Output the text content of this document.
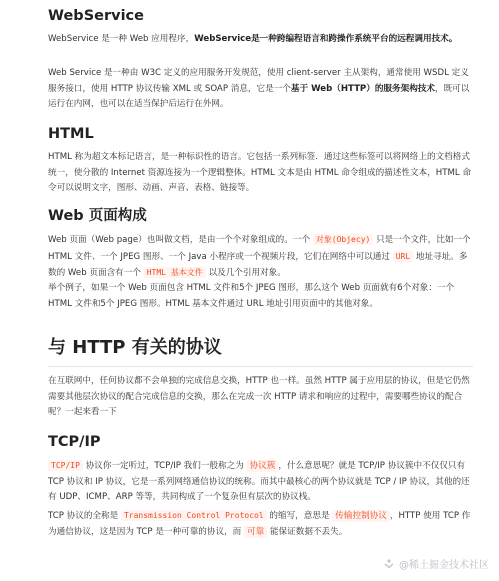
WebService

WebService 是一种 Web 应用程序，WebService是一种跨编程语言和跨操作系统平台的远程调用技术。

Web Service 是一种由 W3C 定义的应用服务开发规范，使用 client-server 主从架构，通常使用 WSDL 定义服务接口，使用 HTTP 协议传输 XML 或 SOAP 消息，它是一个基于 Web（HTTP）的服务架构技术，既可以运行在内网，也可以在适当保护后运行在外网。

HTML

HTML 称为超文本标记语言，是一种标识性的语言。它包括一系列标签．通过这些标签可以将网络上的文档格式统一，使分散的 Internet 资源连接为一个逻辑整体。HTML 文本是由 HTML 命令组成的描述性文本，HTML 命令可以说明文字，图形、动画、声音、表格、链接等。

Web 页面构成

Web 页面（Web page）也叫做文档，是由一个个对象组成的。一个 对象(Objecy) 只是一个文件，比如一个 HTML 文件、一个 JPEG 图形、一个 Java 小程序或一个视频片段，它们在网络中可以通过 URL 地址寻址。多数的 Web 页面含有一个 HTML 基本文件 以及几个引用对象。

举个例子，如果一个 Web 页面包含 HTML 文件和5个 JPEG 图形，那么这个 Web 页面就有6个对象：一个 HTML 文件和5个 JPEG 图形。HTML 基本文件通过 URL 地址引用页面中的其他对象。

与 HTTP 有关的协议

在互联网中，任何协议都不会单独的完成信息交换，HTTP 也一样。虽然 HTTP 属于应用层的协议，但是它仍然需要其他层次协议的配合完成信息的交换，那么在完成一次 HTTP 请求和响应的过程中，需要哪些协议的配合呢？一起来看一下

TCP/IP

TCP/IP 协议你一定听过，TCP/IP 我们一般称之为 协议簇 ，什么意思呢？就是 TCP/IP 协议簇中不仅仅只有 TCP 协议和 IP 协议，它是一系列网络通信协议的统称。而其中最核心的两个协议就是 TCP / IP 协议，其他的还有 UDP、ICMP、ARP 等等，共同构成了一个复杂但有层次的协议栈。

TCP 协议的全称是 Transmission Control Protocol 的缩写，意思是 传输控制协议 ，HTTP 使用 TCP 作为通信协议，这是因为 TCP 是一种可靠的协议，而 可靠 能保证数据不丢失。

@稀土掘金技术社区
